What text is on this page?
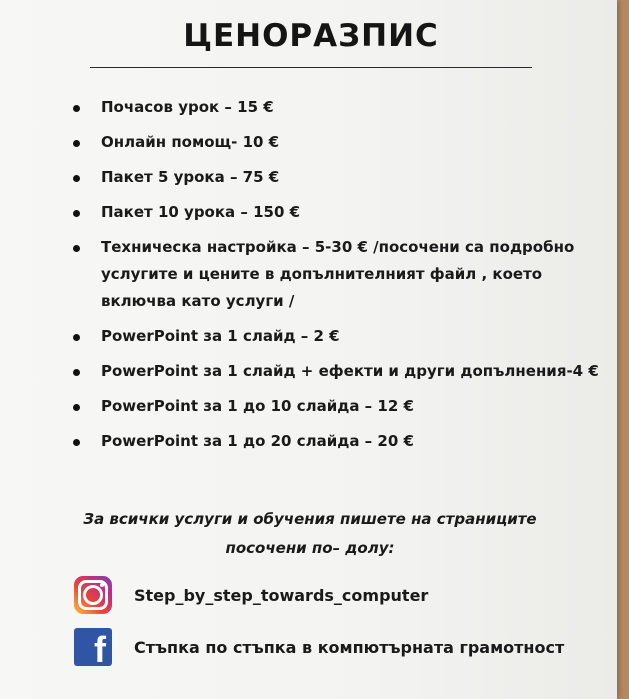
ЦЕНОРАЗПИС
Почасов урок – 15 €
Онлайн помощ- 10 €
Пакет 5 урока – 75 €
Пакет 10 урока – 150 €
Техническа настройка – 5-30 € /посочени са подробно услугите и цените в допълнителният файл , което включва като услуги /
PowerPoint за 1 слайд – 2 €
PowerPoint за 1 слайд + ефекти и други допълнения-4 €
PowerPoint за 1 до 10 слайда – 12 €
PowerPoint за 1 до 20 слайда – 20 €
За всички услуги и обучения пишете на страниците
посочени по– долу:
Step_by_step_towards_computer
f	Стъпка по стъпка в компютърната грамотност
